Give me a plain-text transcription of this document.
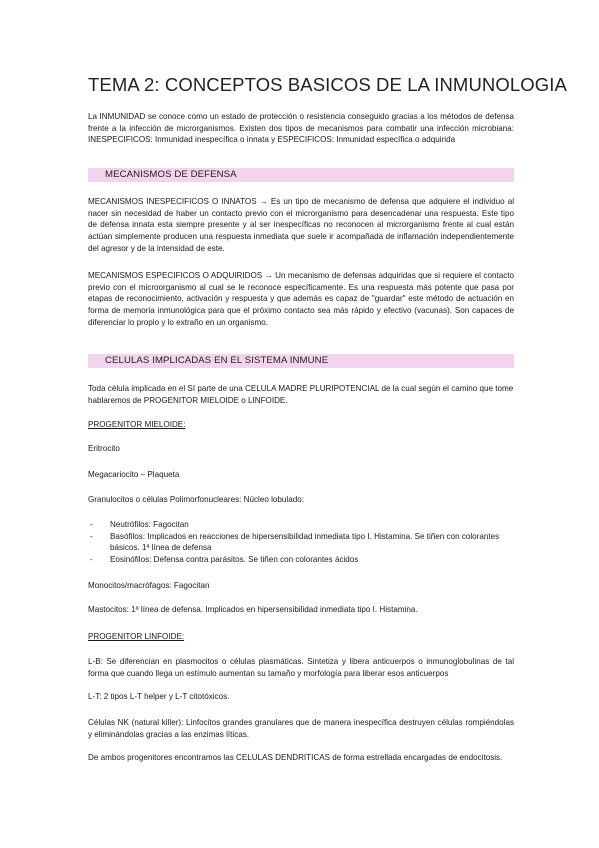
TEMA 2: CONCEPTOS BASICOS DE LA INMUNOLOGIA
La INMUNIDAD se conoce como un estado de protección o resistencia conseguido gracias a los métodos de defensa frente a la infección de microrganismos. Existen dos tipos de mecanismos para combatir una infección microbiana: INESPECIFICOS: Inmunidad inespecífica o innata y ESPECIFICOS: Inmunidad específica o adquirida
MECANISMOS DE DEFENSA
MECANISMOS INESPECIFICOS O INNATOS → Es un tipo de mecanismo de defensa que adquiere el individuo al nacer sin necesidad de haber un contacto previo con el microrganismo para desencadenar una respuesta. Este tipo de defensa innata esta siempre presente y al ser inespecíficas no reconocen al microrganismo frente al cual están actúan simplemente producen una respuesta inmediata que suele ir acompañada de inflamación independientemente del agresor y de la intensidad de este.
MECANISMOS ESPECIFICOS O ADQUIRIDOS → Un mecanismo de defensas adquiridas que si requiere el contacto previo con el microorganismo al cual se le reconoce específicamente. Es una respuesta más potente que pasa por etapas de reconocimiento, activación y respuesta y que además es capaz de "guardar" este método de actuación en forma de memoria inmunológica para que el próximo contacto sea más rápido y efectivo (vacunas). Son capaces de diferenciar lo propio y lo extraño en un organismo.
CELULAS IMPLICADAS EN EL SISTEMA INMUNE
Toda célula implicada en el SI parte de una CELULA MADRE PLURIPOTENCIAL de la cual según el camino que tome hablaremos de PROGENITOR MIELOIDE o LINFOIDE.
PROGENITOR MIELOIDE:
Eritrocito
Megacariocito – Plaqueta
Granulocitos o células Polimorfonucleares: Núcleo lobulado:
- Neutrófilos: Fagocitan
- Basófilos: Implicados en reacciones de hipersensibilidad inmediata tipo I. Histamina. Se tiñen con colorantes básicos. 1ª línea de defensa
- Eosinófilos: Defensa contra parásitos. Se tiñen con colorantes ácidos
Monocitos/macrófagos: Fagocitan
Mastocitos: 1ª línea de defensa. Implicados en hipersensibilidad inmediata tipo I. Histamina.
PROGENITOR LINFOIDE:
L-B: Se diferencian en plasmocitos o células plasmáticas. Sintetiza y libera anticuerpos o inmunoglobulinas de tal forma que cuando llega un estímulo aumentan su tamaño y morfología para liberar esos anticuerpos
L-T: 2 tipos L-T helper y L-T citotóxicos.
Células NK (natural killer): Linfocitos grandes granulares que de manera inespecífica destruyen células rompiéndolas y eliminándolas gracias a las enzimas líticas.
De ambos progenitores encontramos las CELULAS DENDRITICAS de forma estrellada encargadas de endocitosis.
